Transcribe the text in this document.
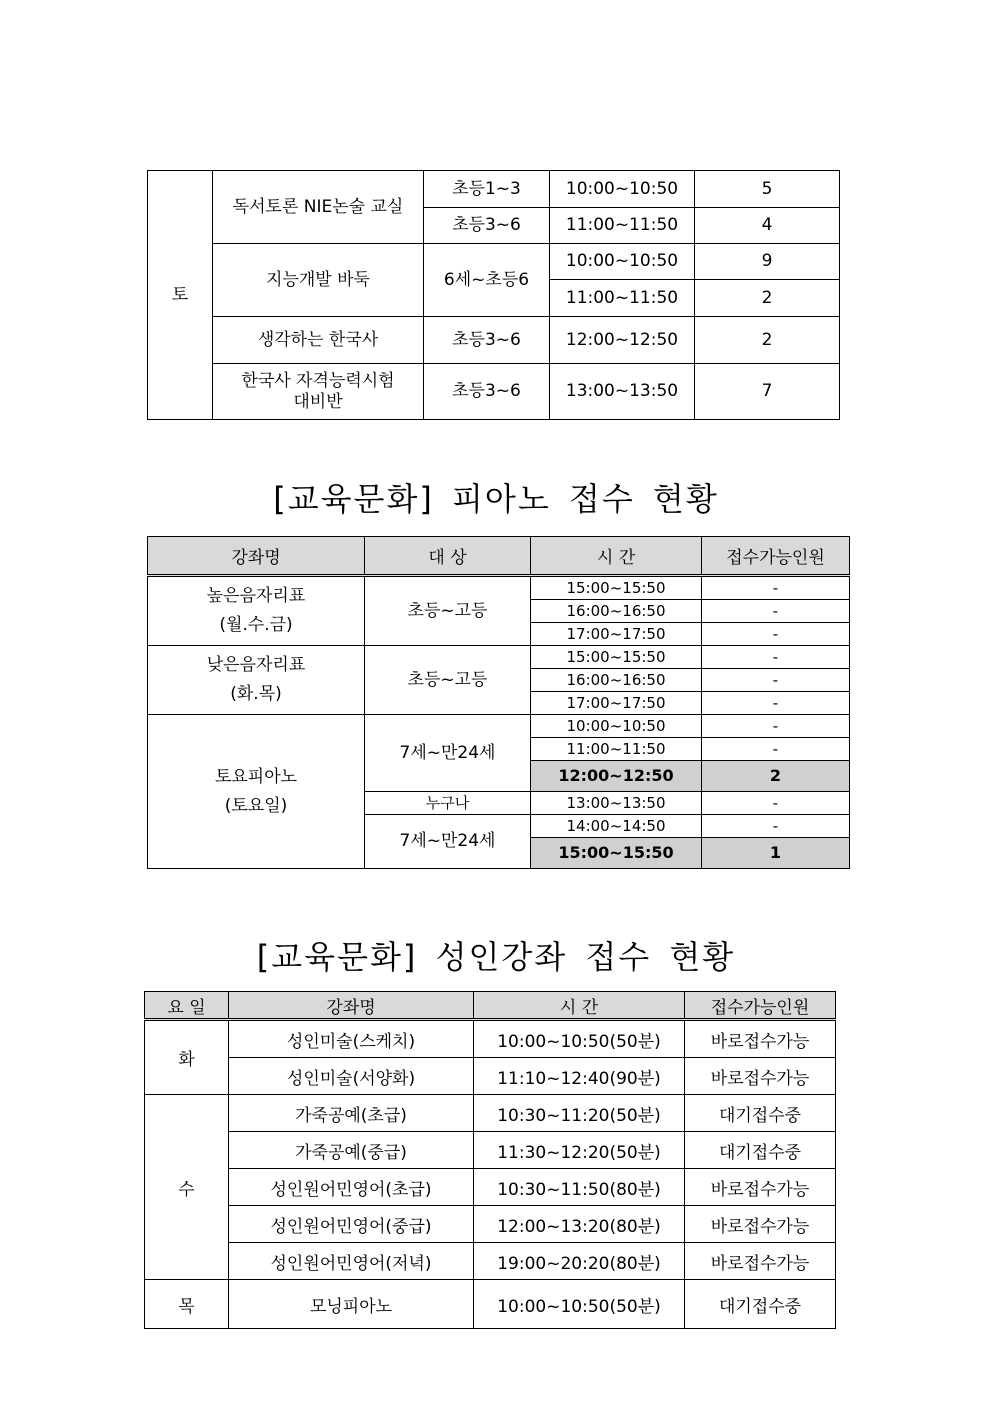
토	독서토론 NIE논술 교실	초등1~3	10:00~10:50	5
		초등3~6	11:00~11:50	4
	지능개발 바둑	6세~초등6	10:00~10:50	9
			11:00~11:50	2
	생각하는 한국사	초등3~6	12:00~12:50	2

	한국사 자격능력시험
대비반	초등3~6	13:00~13:50	7
[교육문화] 피아노 접수 현황
강좌명	대 상	시 간	접수가능인원

높은음자리표
(월.수.금)	초등~고등	15:00~15:50	-
		16:00~16:50	-
		17:00~17:50	-

낮은음자리표
(화.목)	초등~고등	15:00~15:50	-
		16:00~16:50	-
		17:00~17:50	-

토요피아노
(토요일)	7세~만24세	10:00~10:50	-
		11:00~11:50	-
		12:00~12:50	2
	누구나	13:00~13:50	-
	7세~만24세	14:00~14:50	-
		15:00~15:50	1
[교육문화] 성인강좌 접수 현황
요 일	강좌명	시 간	접수가능인원
화	성인미술(스케치)	10:00~10:50(50분)	바로접수가능
	성인미술(서양화)	11:10~12:40(90분)	바로접수가능
수	가죽공예(초급)	10:30~11:20(50분)	대기접수중
	가죽공예(중급)	11:30~12:20(50분)	대기접수중
	성인원어민영어(초급)	10:30~11:50(80분)	바로접수가능
	성인원어민영어(중급)	12:00~13:20(80분)	바로접수가능
	성인원어민영어(저녁)	19:00~20:20(80분)	바로접수가능
목	모닝피아노	10:00~10:50(50분)	대기접수중
